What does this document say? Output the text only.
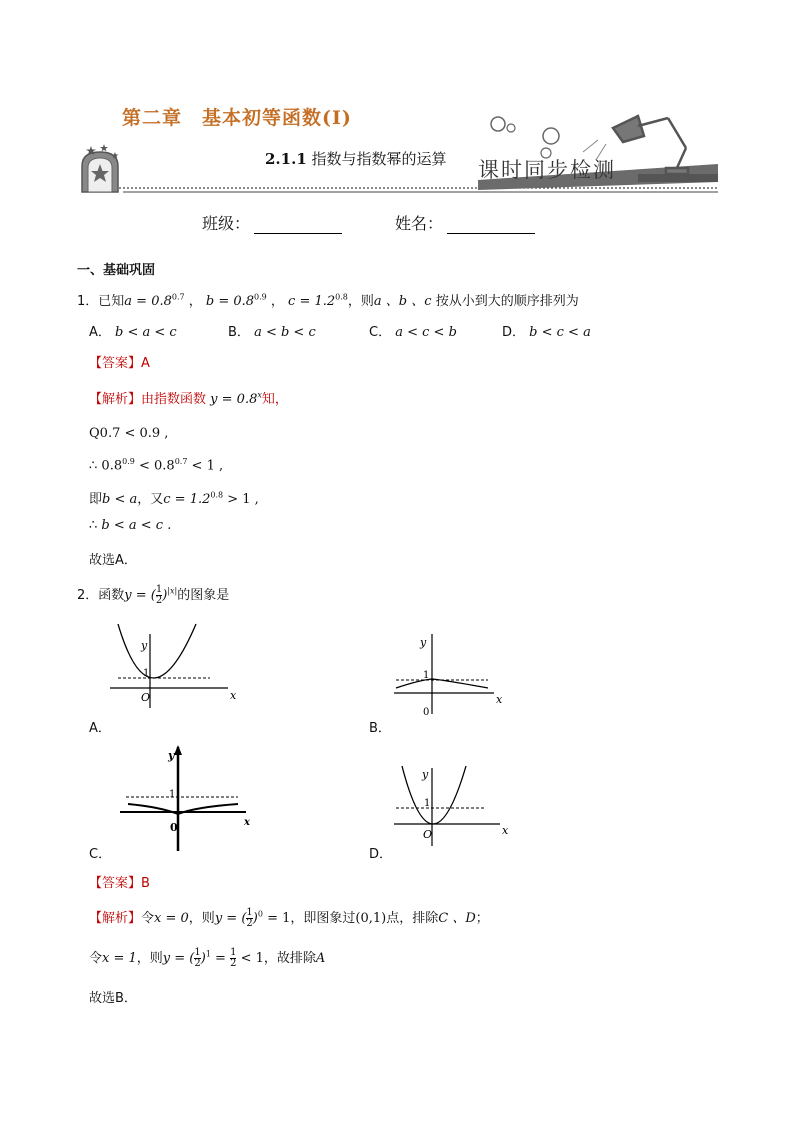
第二章　基本初等函数(Ⅰ)
2.1.1 指数与指数幂的运算 课时同步检测
班级：	姓名：
一、基础巩固
1．已知$a = 0.8^{0.7}$ ， $b = 0.8^{0.9}$ ， $c = 1.2^{0.8}$，则a 、b 、c 按从小到大的顺序排列为
A． b < a < c	B． a < b < c	C． a < c < b	D． b < c < a
【答案】A
【解析】由指数函数 $y = 0.8^x$知，
Q0.7 < 0.9 ,
∴ $0.8^{0.9} < 0.8^{0.7} < 1$ ,
即b < a，又$c = 1.2^{0.8} > 1$ ,
∴ b < a < c .
故选A．
2．函数y = ( $\frac{1}{2} )^{|x|}$的图象是
y
x
1
O
A．
y
x
1
0
B．
y
x
1
0
C．
y
x
1
O
D．
【答案】B
【解析】令x = 0，则y = ( $\frac{1}{2} )^0 = 1$，即图象过(0,1)点，排除C 、D；
令x = 1，则y = ( $\frac{1}{2} )^1 = \frac{1}{2} < 1$，故排除A
故选B．
